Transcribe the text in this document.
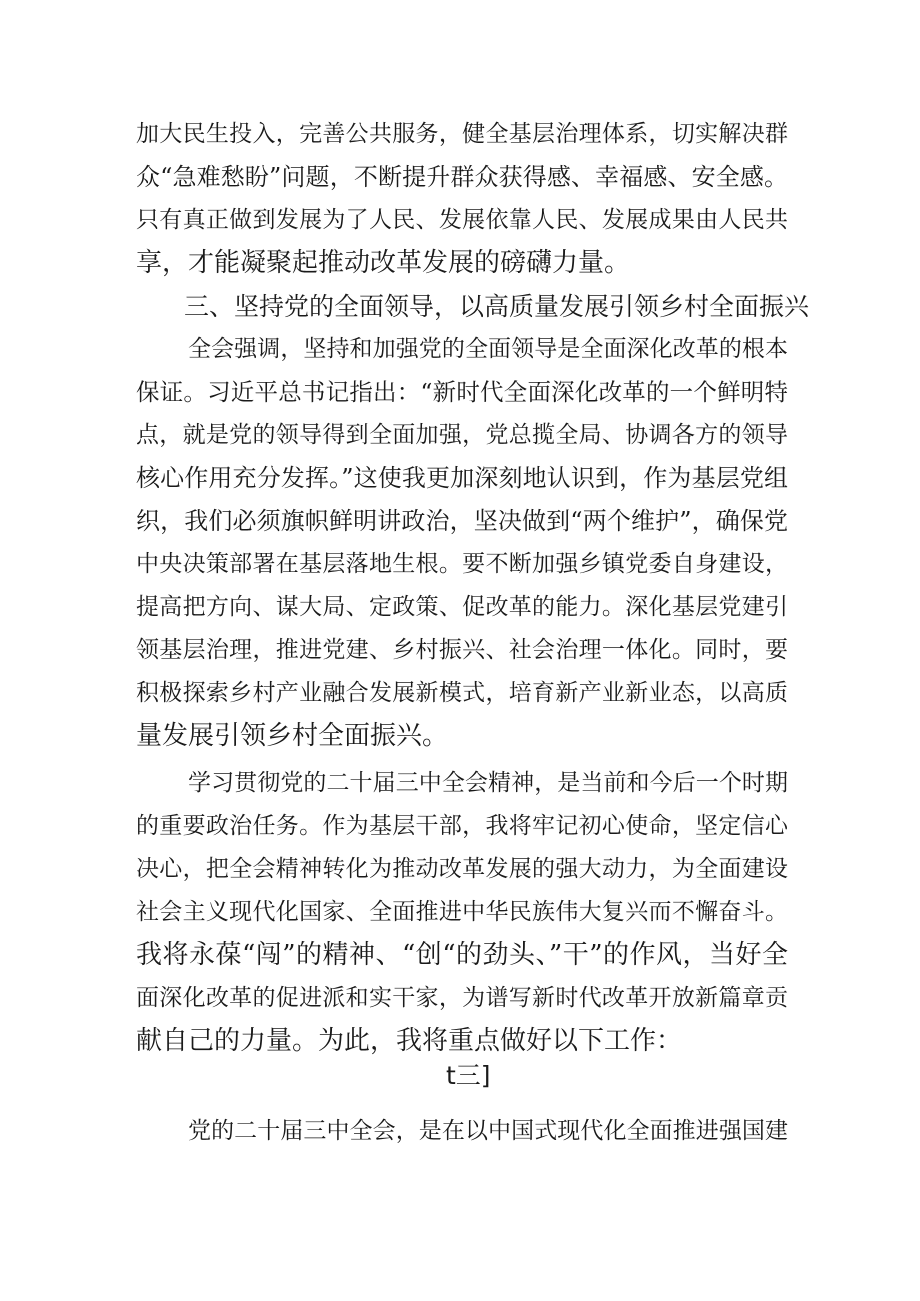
加大民生投入，完善公共服务，健全基层治理体系，切实解决群
众“急难愁盼”问题，不断提升群众获得感、幸福感、安全感。
只有真正做到发展为了人民、发展依靠人民、发展成果由人民共
享，才能凝聚起推动改革发展的磅礴力量。
三、坚持党的全面领导，以高质量发展引领乡村全面振兴
全会强调，坚持和加强党的全面领导是全面深化改革的根本
保证。习近平总书记指出：“新时代全面深化改革的一个鲜明特
点，就是党的领导得到全面加强，党总揽全局、协调各方的领导
核心作用充分发挥。”这使我更加深刻地认识到，作为基层党组
织，我们必须旗帜鲜明讲政治，坚决做到“两个维护”，确保党
中央决策部署在基层落地生根。要不断加强乡镇党委自身建设，
提高把方向、谋大局、定政策、促改革的能力。深化基层党建引
领基层治理，推进党建、乡村振兴、社会治理一体化。同时，要
积极探索乡村产业融合发展新模式，培育新产业新业态，以高质
量发展引领乡村全面振兴。
学习贯彻党的二十届三中全会精神，是当前和今后一个时期
的重要政治任务。作为基层干部，我将牢记初心使命，坚定信心
决心，把全会精神转化为推动改革发展的强大动力，为全面建设
社会主义现代化国家、全面推进中华民族伟大复兴而不懈奋斗。
我将永葆“闯”的精神、“创“的劲头、”干”的作风，当好全
面深化改革的促进派和实干家，为谱写新时代改革开放新篇章贡
献自己的力量。为此，我将重点做好以下工作：
t三]
党的二十届三中全会，是在以中国式现代化全面推进强国建
